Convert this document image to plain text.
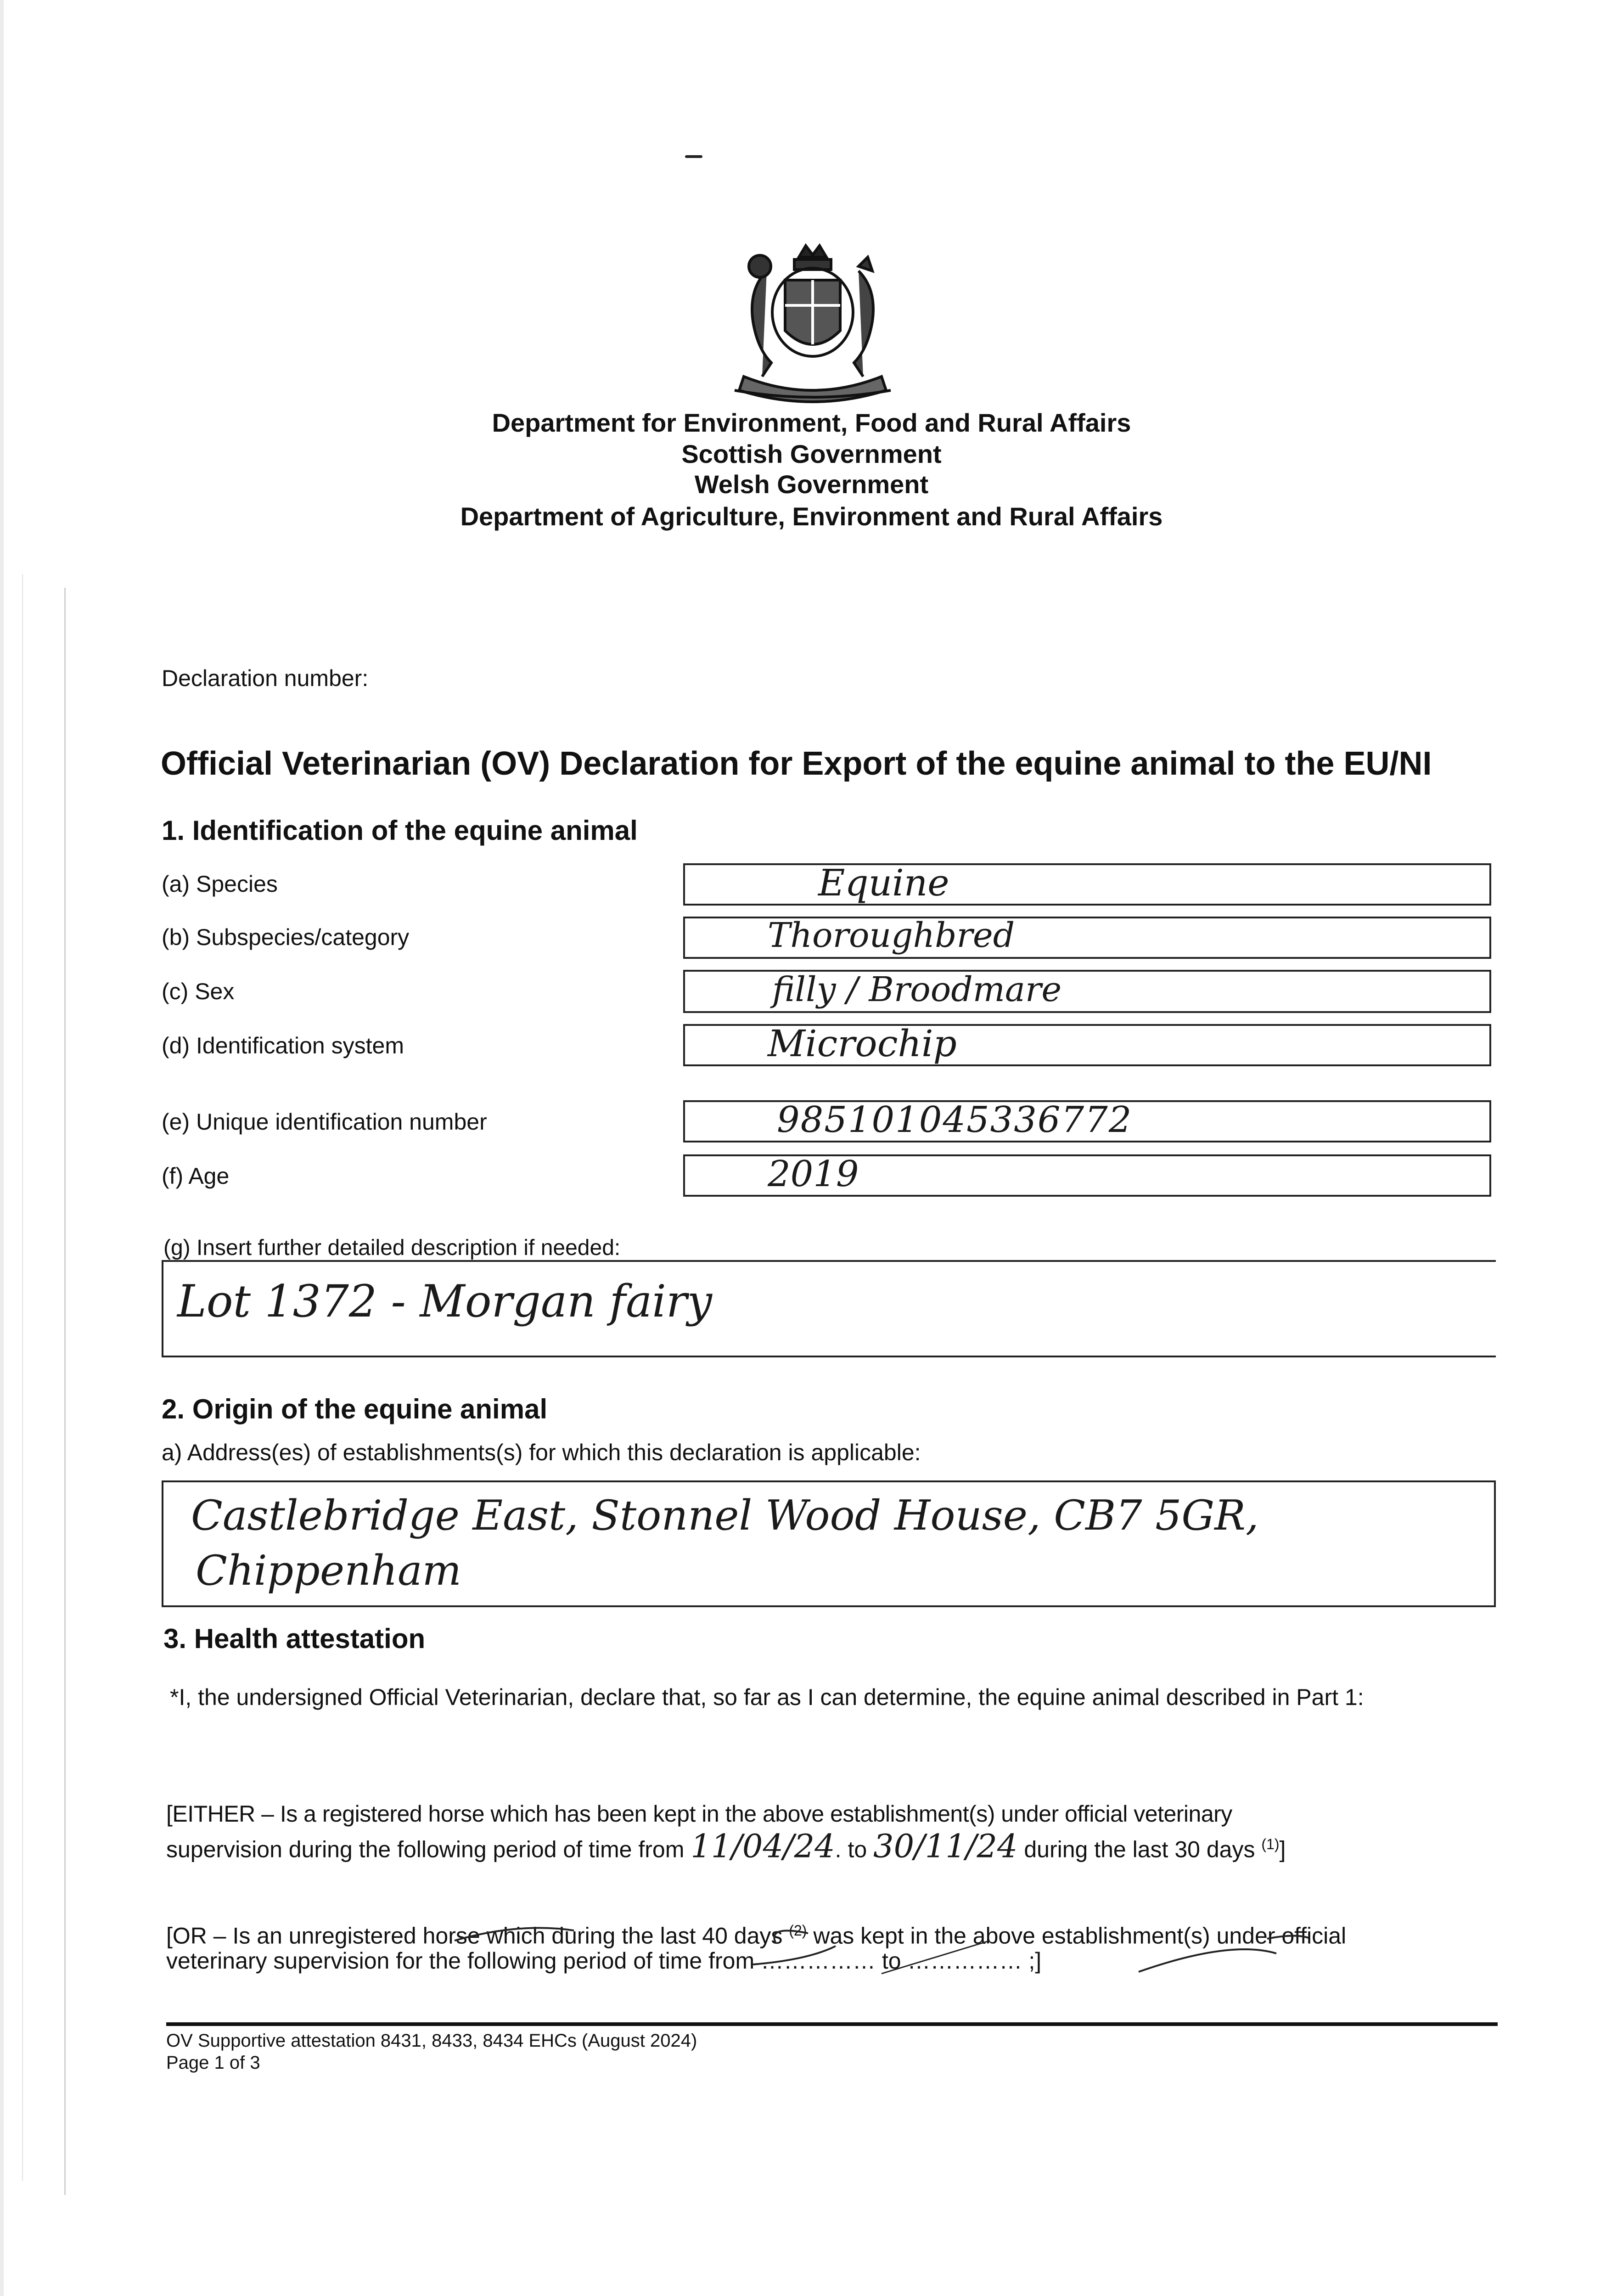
Department for Environment, Food and Rural Affairs
Scottish Government
Welsh Government
Department of Agriculture, Environment and Rural Affairs
Declaration number:
Official Veterinarian (OV) Declaration for Export of the equine animal to the EU/NI
1. Identification of the equine animal
(a) Species	Equine
(b) Subspecies/category	Thoroughbred
(c) Sex	filly / Broodmare
(d) Identification system	Microchip
(e) Unique identification number	985101045336772
(f) Age	2019
(g) Insert further detailed description if needed:
Lot 1372 - Morgan fairy
2. Origin of the equine animal
a) Address(es) of establishments(s) for which this declaration is applicable:
Castlebridge East, Stonnel Wood House, CB7 5GR,
Chippenham
3. Health attestation
*I, the undersigned Official Veterinarian, declare that, so far as I can determine, the equine animal described in Part 1:
[EITHER – Is a registered horse which has been kept in the above establishment(s) under official veterinary
supervision during the following period of time from 11/04/24. to 30/11/24 during the last 30 days $^{(1)}$]
[OR – Is an unregistered horse which during the last 40 days $^{(2)}$ was kept in the above establishment(s) under official
veterinary supervision for the following period of time from …………… to …………… ;]
OV Supportive attestation 8431, 8433, 8434 EHCs (August 2024)
Page 1 of 3
